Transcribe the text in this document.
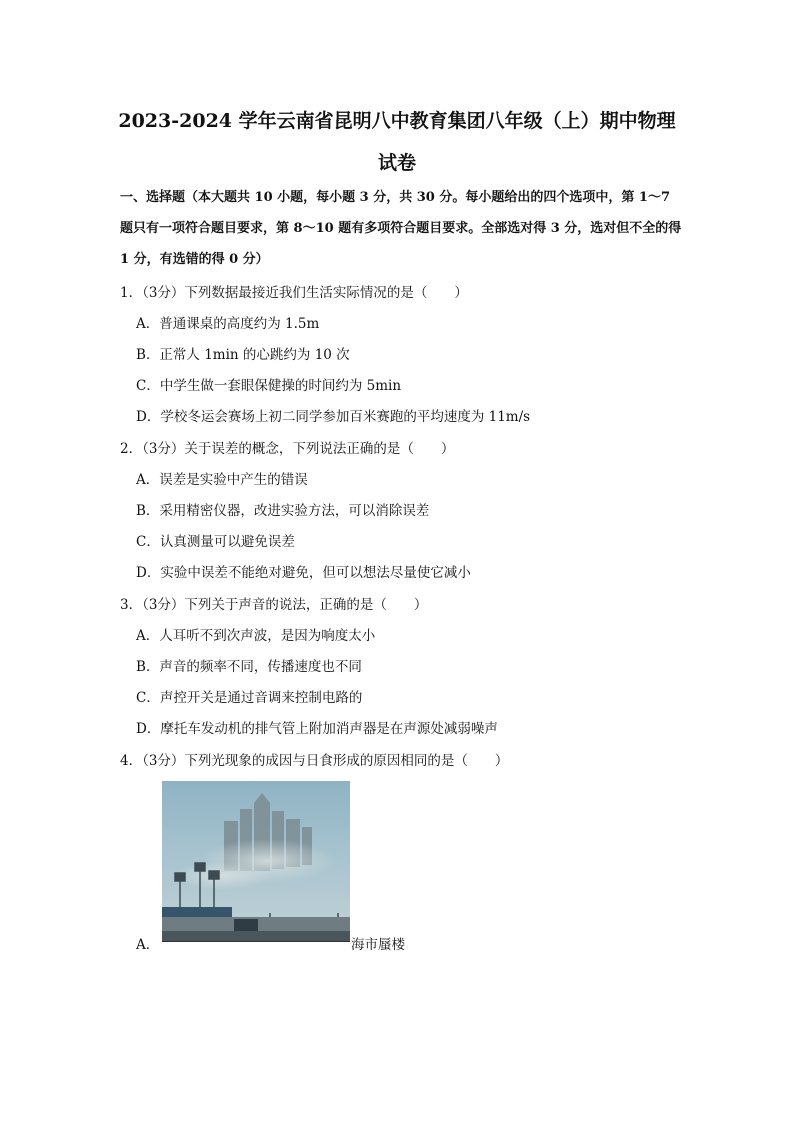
2023-2024 学年云南省昆明八中教育集团八年级（上）期中物理
试卷
一、选择题（本大题共 10 小题，每小题 3 分，共 30 分。每小题给出的四个选项中，第 1～7 题只有一项符合题目要求，第 8～10 题有多项符合题目要求。全部选对得 3 分，选对但不全的得 1 分，有选错的得 0 分）
1．（3分）下列数据最接近我们生活实际情况的是（　　）
A．普通课桌的高度约为 1.5m
B．正常人 1min 的心跳约为 10 次
C．中学生做一套眼保健操的时间约为 5min
D．学校冬运会赛场上初二同学参加百米赛跑的平均速度为 11m/s
2．（3分）关于误差的概念，下列说法正确的是（　　）
A．误差是实验中产生的错误
B．采用精密仪器，改进实验方法，可以消除误差
C．认真测量可以避免误差
D．实验中误差不能绝对避免，但可以想法尽量使它减小
3．（3分）下列关于声音的说法，正确的是（　　）
A．人耳听不到次声波，是因为响度太小
B．声音的频率不同，传播速度也不同
C．声控开关是通过音调来控制电路的
D．摩托车发动机的排气管上附加消声器是在声源处减弱噪声
4．（3分）下列光现象的成因与日食形成的原因相同的是（　　）
A．	海市蜃楼
